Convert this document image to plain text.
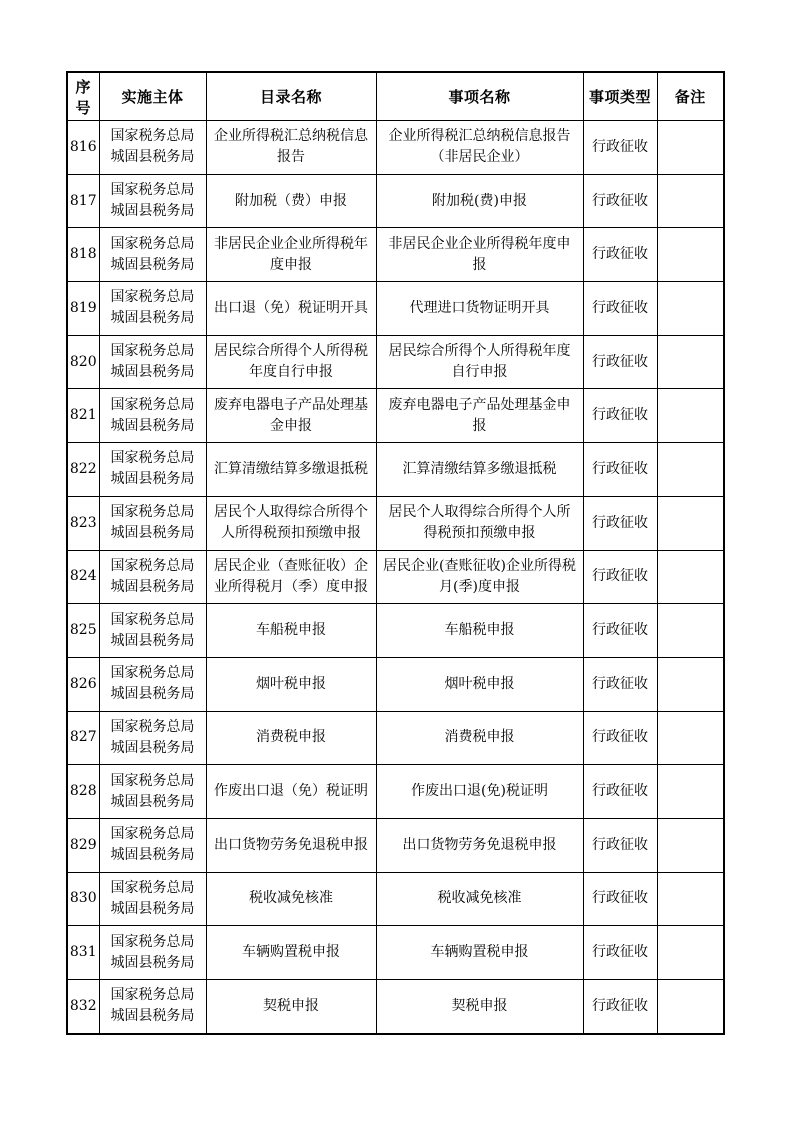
序号	实施主体	目录名称	事项名称	事项类型	备注
816	国家税务总局城固县税务局	企业所得税汇总纳税信息报告	企业所得税汇总纳税信息报告（非居民企业）	行政征收	
817	国家税务总局城固县税务局	附加税（费）申报	附加税(费)申报	行政征收	
818	国家税务总局城固县税务局	非居民企业企业所得税年度申报	非居民企业企业所得税年度申报	行政征收	
819	国家税务总局城固县税务局	出口退（免）税证明开具	代理进口货物证明开具	行政征收	
820	国家税务总局城固县税务局	居民综合所得个人所得税年度自行申报	居民综合所得个人所得税年度自行申报	行政征收	
821	国家税务总局城固县税务局	废弃电器电子产品处理基金申报	废弃电器电子产品处理基金申报	行政征收	
822	国家税务总局城固县税务局	汇算清缴结算多缴退抵税	汇算清缴结算多缴退抵税	行政征收	
823	国家税务总局城固县税务局	居民个人取得综合所得个人所得税预扣预缴申报	居民个人取得综合所得个人所得税预扣预缴申报	行政征收	
824	国家税务总局城固县税务局	居民企业（查账征收）企业所得税月（季）度申报	居民企业(查账征收)企业所得税月(季)度申报	行政征收	
825	国家税务总局城固县税务局	车船税申报	车船税申报	行政征收	
826	国家税务总局城固县税务局	烟叶税申报	烟叶税申报	行政征收	
827	国家税务总局城固县税务局	消费税申报	消费税申报	行政征收	
828	国家税务总局城固县税务局	作废出口退（免）税证明	作废出口退(免)税证明	行政征收	
829	国家税务总局城固县税务局	出口货物劳务免退税申报	出口货物劳务免退税申报	行政征收	
830	国家税务总局城固县税务局	税收减免核准	税收减免核准	行政征收	
831	国家税务总局城固县税务局	车辆购置税申报	车辆购置税申报	行政征收	
832	国家税务总局城固县税务局	契税申报	契税申报	行政征收	
